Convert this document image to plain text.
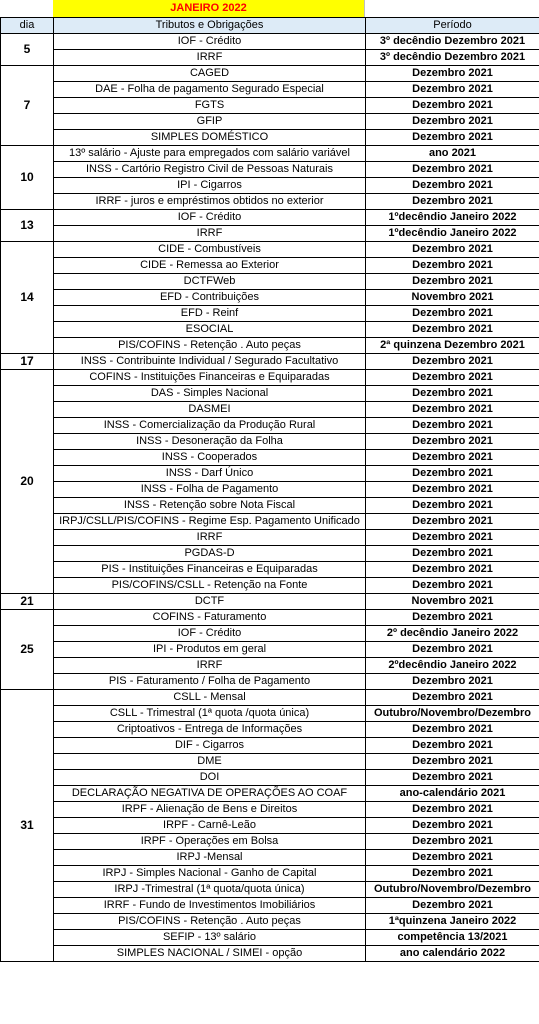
JANEIRO 2022
dia	Tributos e Obrigações	Período
5	IOF - Crédito	3º decêndio Dezembro 2021
	IRRF	3º decêndio Dezembro 2021
7	CAGED	Dezembro 2021
	DAE - Folha de pagamento Segurado Especial	Dezembro 2021
	FGTS	Dezembro 2021
	GFIP	Dezembro 2021
	SIMPLES DOMÉSTICO	Dezembro 2021
10	13º salário - Ajuste para empregados com salário variável	ano 2021
	INSS - Cartório Registro Civil de Pessoas Naturais	Dezembro 2021
	IPI - Cigarros	Dezembro 2021
	IRRF - juros e empréstimos obtidos no exterior	Dezembro 2021
13	IOF - Crédito	1ºdecêndio Janeiro 2022
	IRRF	1ºdecêndio Janeiro 2022
14	CIDE - Combustíveis	Dezembro 2021
	CIDE - Remessa ao Exterior	Dezembro 2021
	DCTFWeb	Dezembro 2021
	EFD - Contribuições	Novembro 2021
	EFD - Reinf	Dezembro 2021
	ESOCIAL	Dezembro 2021
	PIS/COFINS - Retenção . Auto peças	2ª quinzena Dezembro 2021
17	INSS - Contribuinte Individual / Segurado Facultativo	Dezembro 2021
20	COFINS - Instituições Financeiras e Equiparadas	Dezembro 2021
	DAS - Simples Nacional	Dezembro 2021
	DASMEI	Dezembro 2021
	INSS - Comercialização da Produção Rural	Dezembro 2021
	INSS - Desoneração da Folha	Dezembro 2021
	INSS - Cooperados	Dezembro 2021
	INSS - Darf Único	Dezembro 2021
	INSS - Folha de Pagamento	Dezembro 2021
	INSS - Retenção sobre Nota Fiscal	Dezembro 2021
	IRPJ/CSLL/PIS/COFINS - Regime Esp. Pagamento Unificado	Dezembro 2021
	IRRF	Dezembro 2021
	PGDAS-D	Dezembro 2021
	PIS - Instituições Financeiras e Equiparadas	Dezembro 2021
	PIS/COFINS/CSLL - Retenção na Fonte	Dezembro 2021
21	DCTF	Novembro 2021
25	COFINS - Faturamento	Dezembro 2021
	IOF - Crédito	2º decêndio Janeiro 2022
	IPI - Produtos em geral	Dezembro 2021
	IRRF	2ºdecêndio Janeiro 2022
	PIS - Faturamento / Folha de Pagamento	Dezembro 2021
31	CSLL - Mensal	Dezembro 2021
	CSLL - Trimestral (1ª quota /quota única)	Outubro/Novembro/Dezembro
	Criptoativos - Entrega de Informações	Dezembro 2021
	DIF - Cigarros	Dezembro 2021
	DME	Dezembro 2021
	DOI	Dezembro 2021
	DECLARAÇÃO NEGATIVA DE OPERAÇÕES AO COAF	ano-calendário 2021
	IRPF - Alienação de Bens e Direitos	Dezembro 2021
	IRPF - Carnê-Leão	Dezembro 2021
	IRPF - Operações em Bolsa	Dezembro 2021
	IRPJ -Mensal	Dezembro 2021
	IRPJ - Simples Nacional - Ganho de Capital	Dezembro 2021
	IRPJ -Trimestral (1ª quota/quota única)	Outubro/Novembro/Dezembro
	IRRF - Fundo de Investimentos Imobiliários	Dezembro 2021
	PIS/COFINS - Retenção . Auto peças	1ªquinzena Janeiro 2022
	SEFIP - 13º salário	competência 13/2021
	SIMPLES NACIONAL / SIMEI - opção	ano calendário 2022
